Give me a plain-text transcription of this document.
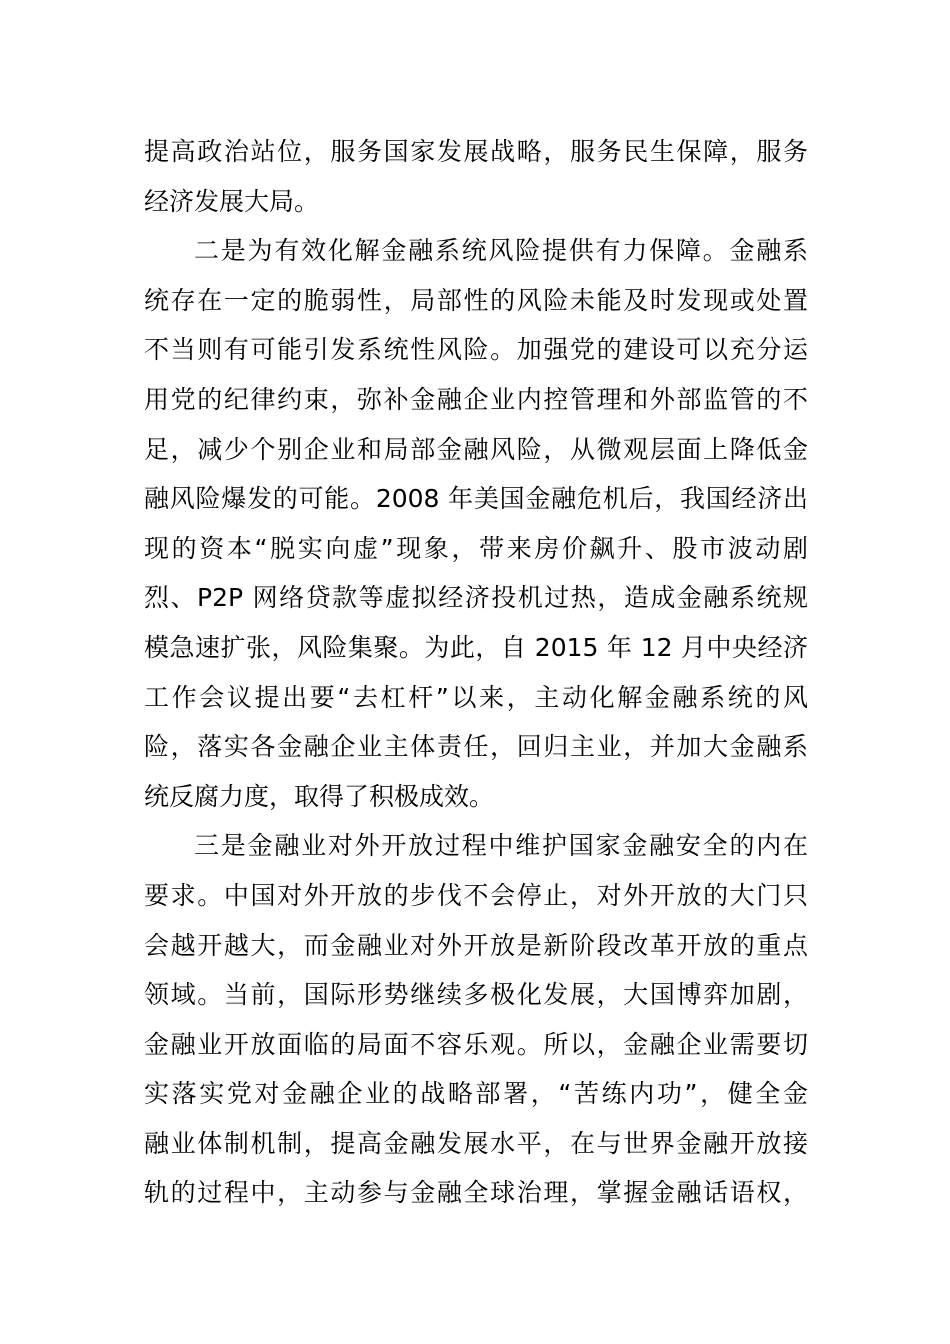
提高政治站位，服务国家发展战略，服务民生保障，服务
经济发展大局。
二是为有效化解金融系统风险提供有力保障。金融系
统存在一定的脆弱性，局部性的风险未能及时发现或处置
不当则有可能引发系统性风险。加强党的建设可以充分运
用党的纪律约束，弥补金融企业内控管理和外部监管的不
足，减少个别企业和局部金融风险，从微观层面上降低金
融风险爆发的可能。2008 年美国金融危机后，我国经济出
现的资本“脱实向虚”现象，带来房价飙升、股市波动剧
烈、P2P 网络贷款等虚拟经济投机过热，造成金融系统规
模急速扩张，风险集聚。为此，自 2015 年 12 月中央经济
工作会议提出要“去杠杆”以来，主动化解金融系统的风
险，落实各金融企业主体责任，回归主业，并加大金融系
统反腐力度，取得了积极成效。
三是金融业对外开放过程中维护国家金融安全的内在
要求。中国对外开放的步伐不会停止，对外开放的大门只
会越开越大，而金融业对外开放是新阶段改革开放的重点
领域。当前，国际形势继续多极化发展，大国博弈加剧，
金融业开放面临的局面不容乐观。所以，金融企业需要切
实落实党对金融企业的战略部署，“苦练内功”，健全金
融业体制机制，提高金融发展水平，在与世界金融开放接
轨的过程中，主动参与金融全球治理，掌握金融话语权，
